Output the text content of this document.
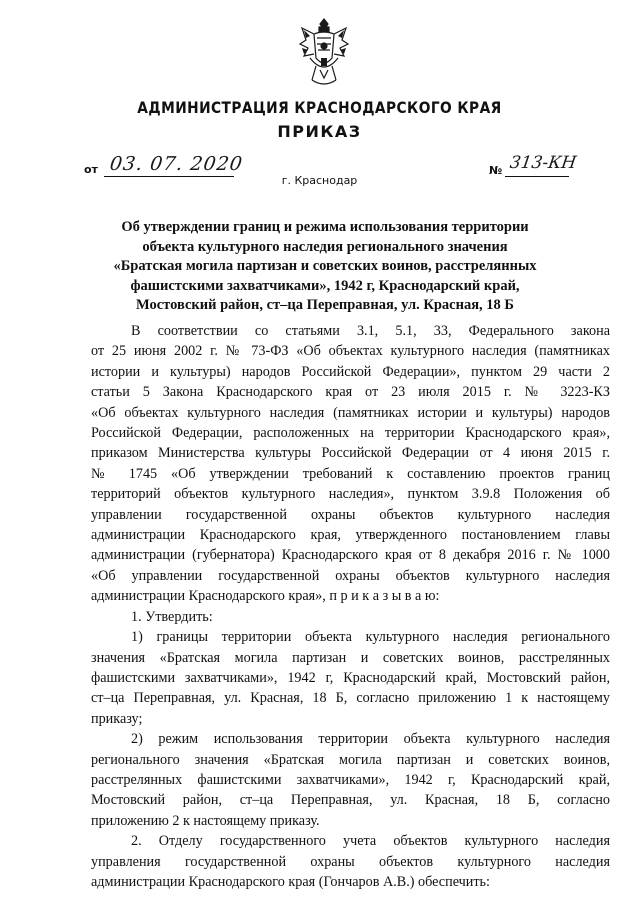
АДМИНИСТРАЦИЯ КРАСНОДАРСКОГО КРАЯ
ПРИКАЗ
от 03. 07. 2020	№ 313-КН
г. Краснодар
Об утверждении границ и режима использования территории
объекта культурного наследия регионального значения
«Братская могила партизан и советских воинов, расстрелянных
фашистскими захватчиками», 1942 г, Краснодарский край,
Мостовский район, ст–ца Переправная, ул. Красная, 18 Б

В соответствии со статьями 3.1, 5.1, 33, Федерального закона
от 25 июня 2002 г. № 73-ФЗ «Об объектах культурного наследия (памятниках
истории и культуры) народов Российской Федерации», пунктом 29 части 2
статьи 5 Закона Краснодарского края от 23 июля 2015 г. № 3223-КЗ
«Об объектах культурного наследия (памятниках истории и культуры) народов
Российской Федерации, расположенных на территории Краснодарского края»,
приказом Министерства культуры Российской Федерации от 4 июня 2015 г.
№ 1745 «Об утверждении требований к составлению проектов границ
территорий объектов культурного наследия», пунктом 3.9.8 Положения об
управлении государственной охраны объектов культурного наследия
администрации Краснодарского края, утвержденного постановлением главы
администрации (губернатора) Краснодарского края от 8 декабря 2016 г. № 1000
«Об управлении государственной охраны объектов культурного наследия
администрации Краснодарского края», п р и к а з ы в а ю:

1. Утвердить:

1) границы территории объекта культурного наследия регионального
значения «Братская могила партизан и советских воинов, расстрелянных
фашистскими захватчиками», 1942 г, Краснодарский край, Мостовский район,
ст–ца Переправная, ул. Красная, 18 Б, согласно приложению 1 к настоящему
приказу;

2) режим использования территории объекта культурного наследия
регионального значения «Братская могила партизан и советских воинов,
расстрелянных фашистскими захватчиками», 1942 г, Краснодарский край,
Мостовский район, ст–ца Переправная, ул. Красная, 18 Б, согласно
приложению 2 к настоящему приказу.

2. Отделу государственного учета объектов культурного наследия
управления государственной охраны объектов культурного наследия
администрации Краснодарского края (Гончаров А.В.) обеспечить:
